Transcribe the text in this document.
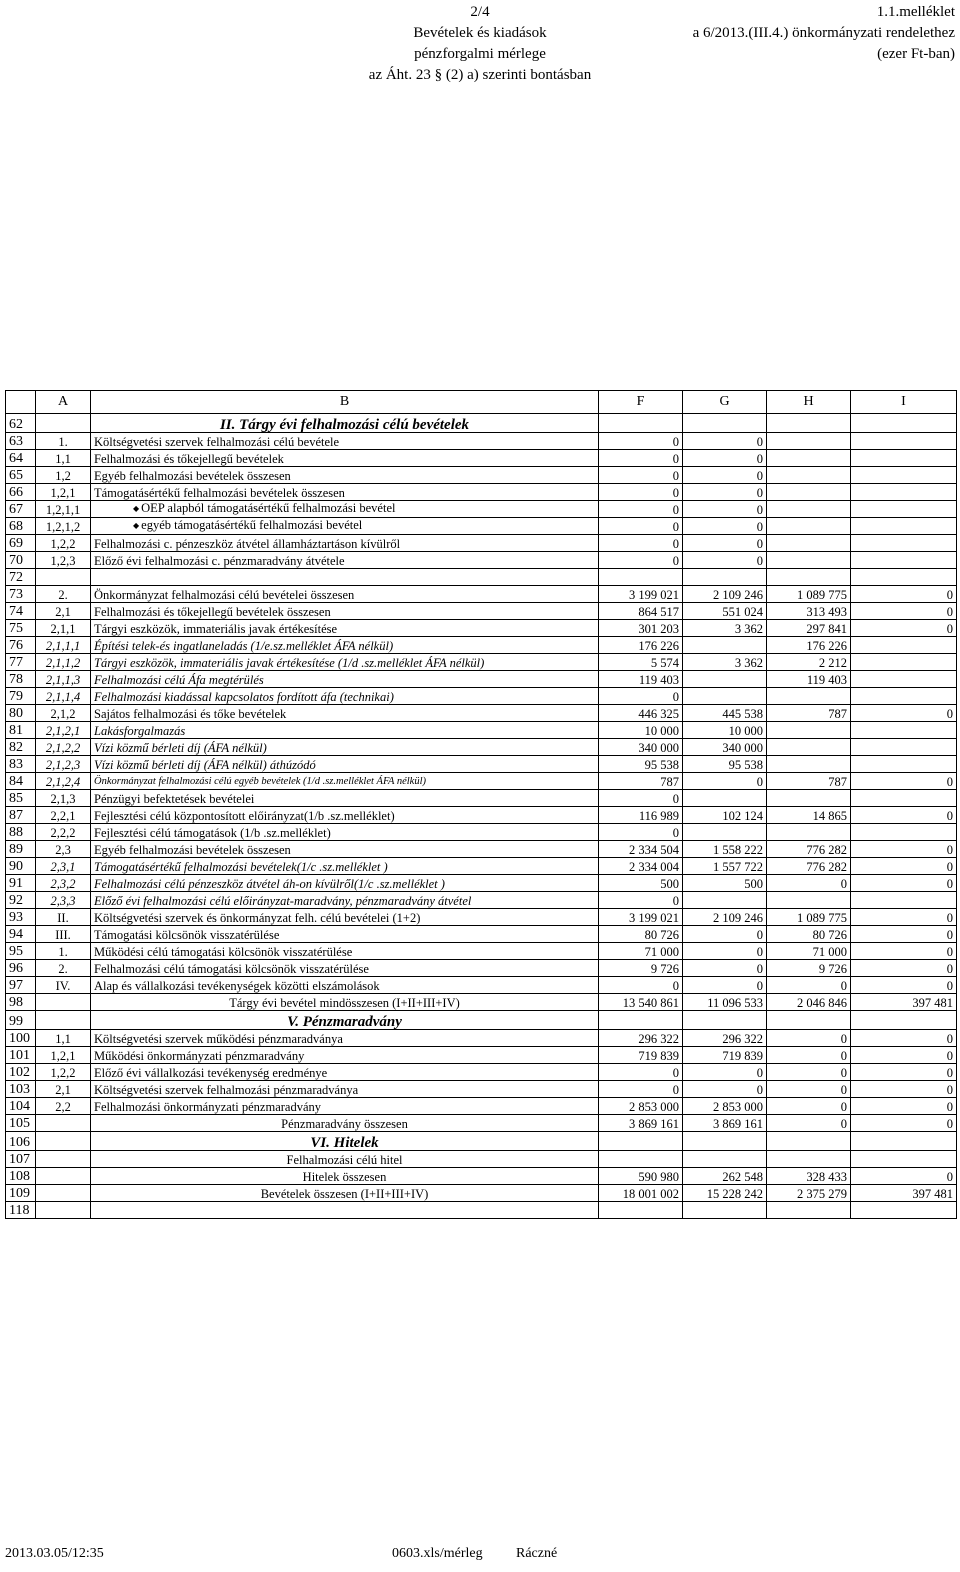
2/4
Bevételek és kiadások
pénzforgalmi mérlege
az Áht. 23 § (2) a) szerinti bontásban
1.1.melléklet
a 6/2013.(III.4.) önkormányzati rendelethez
(ezer Ft-ban)
	A	B	F	G	H	I
62		II. Tárgy évi felhalmozási célú bevételek				
63	1.	Költségvetési szervek felhalmozási célú bevétele	0	0		
64	1,1	Felhalmozási és tőkejellegű bevételek	0	0		
65	1,2	Egyéb felhalmozási bevételek összesen	0	0		
66	1,2,1	Támogatásértékű felhalmozási bevételek összesen	0	0		
67	1,2,1,1	◆ OEP alapból támogatásértékű felhalmozási bevétel	0	0		
68	1,2,1,2	◆ egyéb támogatásértékű felhalmozási bevétel	0	0		
69	1,2,2	Felhalmozási c. pénzeszköz átvétel államháztartáson kívülről	0	0		
70	1,2,3	Előző évi felhalmozási c. pénzmaradvány átvétele	0	0		
72						
73	2.	Önkormányzat felhalmozási célú bevételei összesen	3 199 021	2 109 246	1 089 775	0
74	2,1	Felhalmozási és tőkejellegű bevételek összesen	864 517	551 024	313 493	0
75	2,1,1	Tárgyi eszközök, immateriális javak értékesítése	301 203	3 362	297 841	0
76	2,1,1,1	Építési telek-és ingatlaneladás (1/e.sz.melléklet ÁFA nélkül)	176 226		176 226	
77	2,1,1,2	Tárgyi eszközök, immateriális javak értékesítése (1/d .sz.melléklet ÁFA nélkül)	5 574	3 362	2 212	
78	2,1,1,3	Felhalmozási célú Áfa megtérülés	119 403		119 403	
79	2,1,1,4	Felhalmozási kiadással kapcsolatos fordított áfa (technikai)	0			
80	2,1,2	Sajátos felhalmozási és tőke bevételek	446 325	445 538	787	0
81	2,1,2,1	Lakásforgalmazás	10 000	10 000		
82	2,1,2,2	Vízi közmű bérleti díj (ÁFA nélkül)	340 000	340 000		
83	2,1,2,3	Vízi közmű bérleti díj (ÁFA nélkül) áthúzódó	95 538	95 538		
84	2,1,2,4	Önkormányzat felhalmozási célú egyéb bevételek (1/d .sz.melléklet ÁFA nélkül)	787	0	787	0
85	2,1,3	Pénzügyi befektetések bevételei	0			
87	2,2,1	Fejlesztési célú központosított előirányzat(1/b .sz.melléklet)	116 989	102 124	14 865	0
88	2,2,2	Fejlesztési célú támogatások (1/b .sz.melléklet)	0			
89	2,3	Egyéb felhalmozási bevételek összesen	2 334 504	1 558 222	776 282	0
90	2,3,1	Támogatásértékű felhalmozási bevételek(1/c .sz.melléklet )	2 334 004	1 557 722	776 282	0
91	2,3,2	Felhalmozási célú pénzeszköz átvétel áh-on kívülről(1/c .sz.melléklet )	500	500	0	0
92	2,3,3	Előző évi felhalmozási célú előirányzat-maradvány, pénzmaradvány átvétel	0			
93	II.	Költségvetési szervek és önkormányzat felh. célú bevételei (1+2)	3 199 021	2 109 246	1 089 775	0
94	III.	Támogatási kölcsönök visszatérülése	80 726	0	80 726	0
95	1.	Működési célú támogatási kölcsönök visszatérülése	71 000	0	71 000	0
96	2.	Felhalmozási célú támogatási kölcsönök visszatérülése	9 726	0	9 726	0
97	IV.	Alap és vállalkozási tevékenységek közötti elszámolások	0	0	0	0
98		Tárgy évi bevétel mindösszesen (I+II+III+IV)	13 540 861	11 096 533	2 046 846	397 481
99		V. Pénzmaradvány				
100	1,1	Költségvetési szervek működési pénzmaradványa	296 322	296 322	0	0
101	1,2,1	Működési önkormányzati pénzmaradvány	719 839	719 839	0	0
102	1,2,2	Előző évi vállalkozási tevékenység eredménye	0	0	0	0
103	2,1	Költségvetési szervek felhalmozási pénzmaradványa	0	0	0	0
104	2,2	Felhalmozási önkormányzati pénzmaradvány	2 853 000	2 853 000	0	0
105		Pénzmaradvány összesen	3 869 161	3 869 161	0	0
106		VI. Hitelek				
107		Felhalmozási célú hitel				
108		Hitelek összesen	590 980	262 548	328 433	0
109		Bevételek összesen (I+II+III+IV)	18 001 002	15 228 242	2 375 279	397 481
118						
2013.03.05/12:35	0603.xls/mérleg Ráczné
